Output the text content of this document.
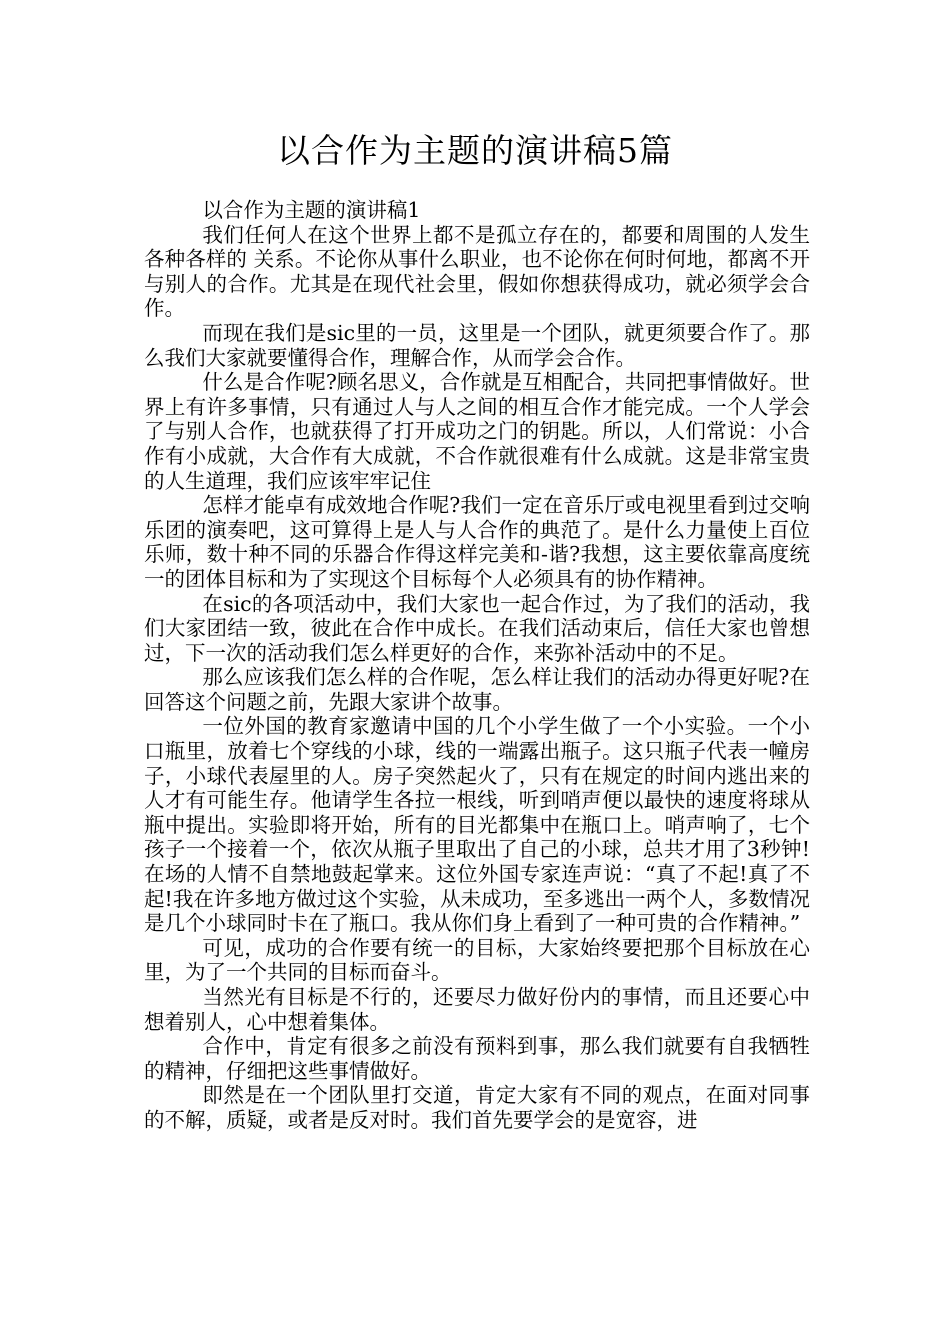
以合作为主题的演讲稿5篇

以合作为主题的演讲稿1

我们任何人在这个世界上都不是孤立存在的，都要和周围的人发生各种各样的 关系。不论你从事什么职业，也不论你在何时何地，都离不开与别人的合作。尤其是在现代社会里，假如你想获得成功，就必须学会合作。

而现在我们是sic里的一员，这里是一个团队，就更须要合作了。那么我们大家就要懂得合作，理解合作，从而学会合作。

什么是合作呢?顾名思义，合作就是互相配合，共同把事情做好。世界上有许多事情，只有通过人与人之间的相互合作才能完成。一个人学会了与别人合作，也就获得了打开成功之门的钥匙。所以，人们常说：小合作有小成就，大合作有大成就，不合作就很难有什么成就。这是非常宝贵的人生道理，我们应该牢牢记住

怎样才能卓有成效地合作呢?我们一定在音乐厅或电视里看到过交响乐团的演奏吧，这可算得上是人与人合作的典范了。是什么力量使上百位乐师，数十种不同的乐器合作得这样完美和-谐?我想，这主要依靠高度统一的团体目标和为了实现这个目标每个人必须具有的协作精神。

在sic的各项活动中，我们大家也一起合作过，为了我们的活动，我们大家团结一致，彼此在合作中成长。在我们活动束后，信任大家也曾想过，下一次的活动我们怎么样更好的合作，来弥补活动中的不足。

那么应该我们怎么样的合作呢，怎么样让我们的活动办得更好呢?在回答这个问题之前，先跟大家讲个故事。

一位外国的教育家邀请中国的几个小学生做了一个小实验。一个小口瓶里，放着七个穿线的小球，线的一端露出瓶子。这只瓶子代表一幢房子，小球代表屋里的人。房子突然起火了，只有在规定的时间内逃出来的人才有可能生存。他请学生各拉一根线，听到哨声便以最快的速度将球从瓶中提出。实验即将开始，所有的目光都集中在瓶口上。哨声响了，七个孩子一个接着一个，依次从瓶子里取出了自己的小球，总共才用了3秒钟!在场的人情不自禁地鼓起掌来。这位外国专家连声说：“真了不起!真了不起!我在许多地方做过这个实验，从未成功，至多逃出一两个人，多数情况是几个小球同时卡在了瓶口。我从你们身上看到了一种可贵的合作精神。”

可见，成功的合作要有统一的目标，大家始终要把那个目标放在心里，为了一个共同的目标而奋斗。

当然光有目标是不行的，还要尽力做好份内的事情，而且还要心中想着别人，心中想着集体。

合作中，肯定有很多之前没有预料到事，那么我们就要有自我牺牲的精神，仔细把这些事情做好。

即然是在一个团队里打交道，肯定大家有不同的观点，在面对同事的不解，质疑，或者是反对时。我们首先要学会的是宽容，进
